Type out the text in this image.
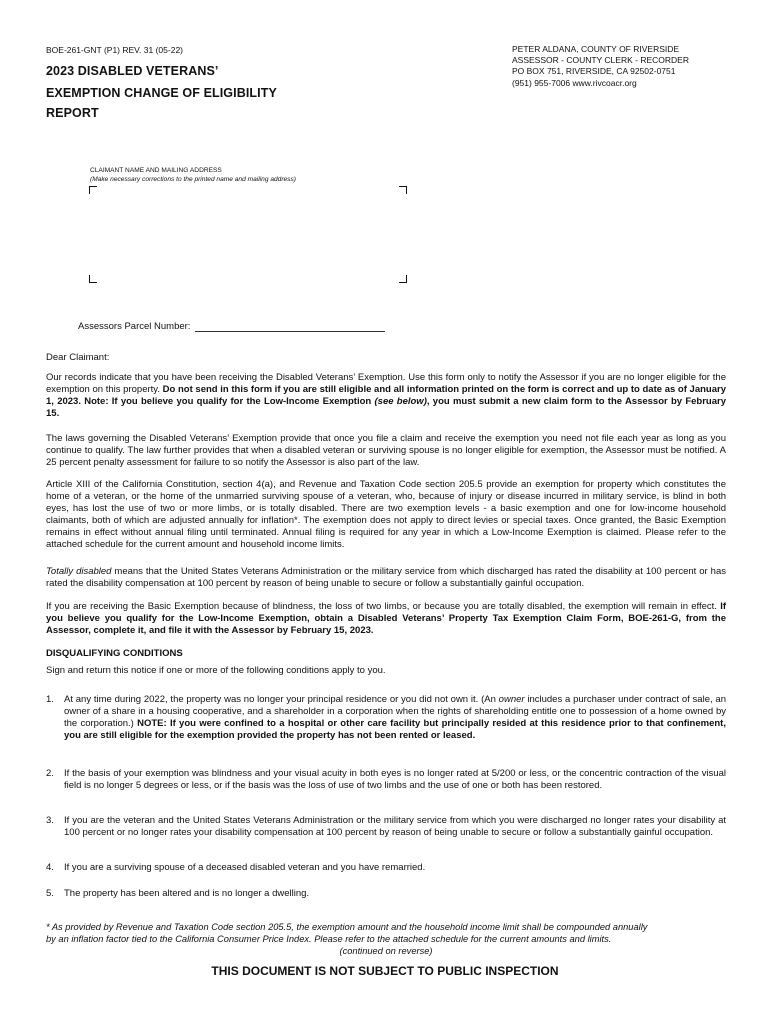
BOE-261-GNT (P1) REV. 31 (05-22)
2023 DISABLED VETERANS’
EXEMPTION CHANGE OF ELIGIBILITY
REPORT
PETER ALDANA, COUNTY OF RIVERSIDE
ASSESSOR - COUNTY CLERK - RECORDER
PO BOX 751, RIVERSIDE, CA 92502-0751
(951) 955-7006 www.rivcoacr.org
CLAIMANT NAME AND MAILING ADDRESS
(Make necessary corrections to the printed name and mailing address)
Assessors Parcel Number:
Dear Claimant:
Our records indicate that you have been receiving the Disabled Veterans’ Exemption. Use this form only to notify the Assessor if you are no longer eligible for the exemption on this property. Do not send in this form if you are still eligible and all information printed on the form is correct and up to date as of January 1, 2023. Note: If you believe you qualify for the Low-Income Exemption (see below), you must submit a new claim form to the Assessor by February 15.
The laws governing the Disabled Veterans’ Exemption provide that once you file a claim and receive the exemption you need not file each year as long as you continue to qualify. The law further provides that when a disabled veteran or surviving spouse is no longer eligible for exemption, the Assessor must be notified. A 25 percent penalty assessment for failure to so notify the Assessor is also part of the law.
Article XIII of the California Constitution, section 4(a), and Revenue and Taxation Code section 205.5 provide an exemption for property which constitutes the home of a veteran, or the home of the unmarried surviving spouse of a veteran, who, because of injury or disease incurred in military service, is blind in both eyes, has lost the use of two or more limbs, or is totally disabled. There are two exemption levels - a basic exemption and one for low-income household claimants, both of which are adjusted annually for inflation*. The exemption does not apply to direct levies or special taxes. Once granted, the Basic Exemption remains in effect without annual filing until terminated. Annual filing is required for any year in which a Low-Income Exemption is claimed. Please refer to the attached schedule for the current amount and household income limits.
Totally disabled means that the United States Veterans Administration or the military service from which discharged has rated the disability at 100 percent or has rated the disability compensation at 100 percent by reason of being unable to secure or follow a substantially gainful occupation.
If you are receiving the Basic Exemption because of blindness, the loss of two limbs, or because you are totally disabled, the exemption will remain in effect. If you believe you qualify for the Low-Income Exemption, obtain a Disabled Veterans’ Property Tax Exemption Claim Form, BOE-261-G, from the Assessor, complete it, and file it with the Assessor by February 15, 2023.
DISQUALIFYING CONDITIONS
Sign and return this notice if one or more of the following conditions apply to you.
1. At any time during 2022, the property was no longer your principal residence or you did not own it. (An owner includes a purchaser under contract of sale, an owner of a share in a housing cooperative, and a shareholder in a corporation when the rights of shareholding entitle one to possession of a home owned by the corporation.) NOTE: If you were confined to a hospital or other care facility but principally resided at this residence prior to that confinement, you are still eligible for the exemption provided the property has not been rented or leased.
2. If the basis of your exemption was blindness and your visual acuity in both eyes is no longer rated at 5/200 or less, or the concentric contraction of the visual field is no longer 5 degrees or less, or if the basis was the loss of use of two limbs and the use of one or both has been restored.
3. If you are the veteran and the United States Veterans Administration or the military service from which you were discharged no longer rates your disability at 100 percent or no longer rates your disability compensation at 100 percent by reason of being unable to secure or follow a substantially gainful occupation.
4. If you are a surviving spouse of a deceased disabled veteran and you have remarried.
5. The property has been altered and is no longer a dwelling.
* As provided by Revenue and Taxation Code section 205.5, the exemption amount and the household income limit shall be compounded annually
by an inflation factor tied to the California Consumer Price Index. Please refer to the attached schedule for the current amounts and limits.
(continued on reverse)
THIS DOCUMENT IS NOT SUBJECT TO PUBLIC INSPECTION
